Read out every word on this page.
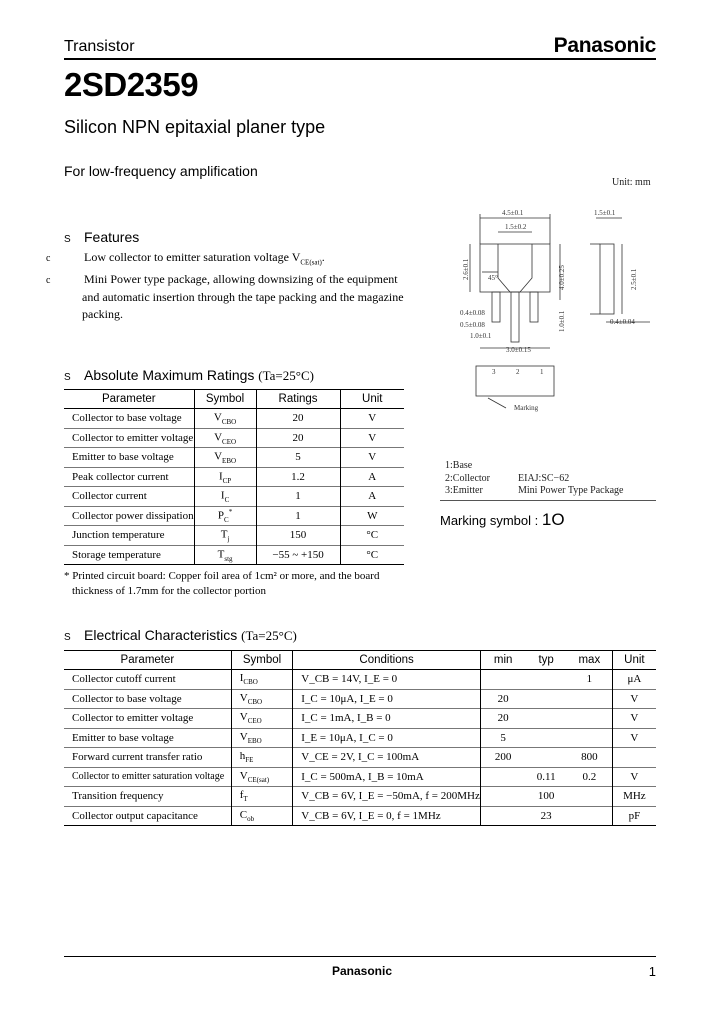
Transistor	Panasonic
2SD2359
Silicon NPN epitaxial planer type
For low-frequency amplification
Unit: mm
S Features
c	Low collector to emitter saturation voltage $V_{CE(sat)}$.
c	Mini Power type package, allowing downsizing of the equipment and automatic insertion through the tape packing and the magazine packing.
4.5±0.1	1.5±0.1
1.5±0.2
2.6±0.1	2.5±0.1
0.4±0.08
0.5±0.08
1.0±0.1
4.0±0.25
1.0±0.1
3.0±0.15
0.4±0.04
45°
3	2	1
Marking
1:Base
2:Collector
3:Emitter
EIAJ:SC−62
Mini Power Type Package
Marking symbol : 1O
S Absolute Maximum Ratings (Ta=25°C)
Parameter	Symbol	Ratings	Unit
Collector to base voltage	$V_{CBO}$	20	V
Collector to emitter voltage	$V_{CEO}$	20	V
Emitter to base voltage	$V_{EBO}$	5	V
Peak collector current	$I_{CP}$	1.2	A
Collector current	$I_C$	1	A
Collector power dissipation	$P_C^*$	1	W
Junction temperature	$T_j$	150	°C
Storage temperature	$T_{stg}$	−55 ~ +150	°C
* Printed circuit board: Copper foil area of 1cm² or more, and the board
thickness of 1.7mm for the collector portion
S Electrical Characteristics (Ta=25°C)
Parameter	Symbol	Conditions	min	typ	max	Unit
Collector cutoff current	$I_{CBO}$	V_CB = 14V, I_E = 0			1	μA
Collector to base voltage	$V_{CBO}$	I_C = 10μA, I_E = 0	20			V
Collector to emitter voltage	$V_{CEO}$	I_C = 1mA, I_B = 0	20			V
Emitter to base voltage	$V_{EBO}$	I_E = 10μA, I_C = 0	5			V
Forward current transfer ratio	$h_{FE}$	V_CE = 2V, I_C = 100mA	200		800	
Collector to emitter saturation voltage	$V_{CE(sat)}$	I_C = 500mA, I_B = 10mA		0.11	0.2	V
Transition frequency	$f_T$	V_CB = 6V, I_E = −50mA, f = 200MHz		100		MHz
Collector output capacitance	$C_{ob}$	V_CB = 6V, I_E = 0, f = 1MHz		23		pF
Panasonic	1
